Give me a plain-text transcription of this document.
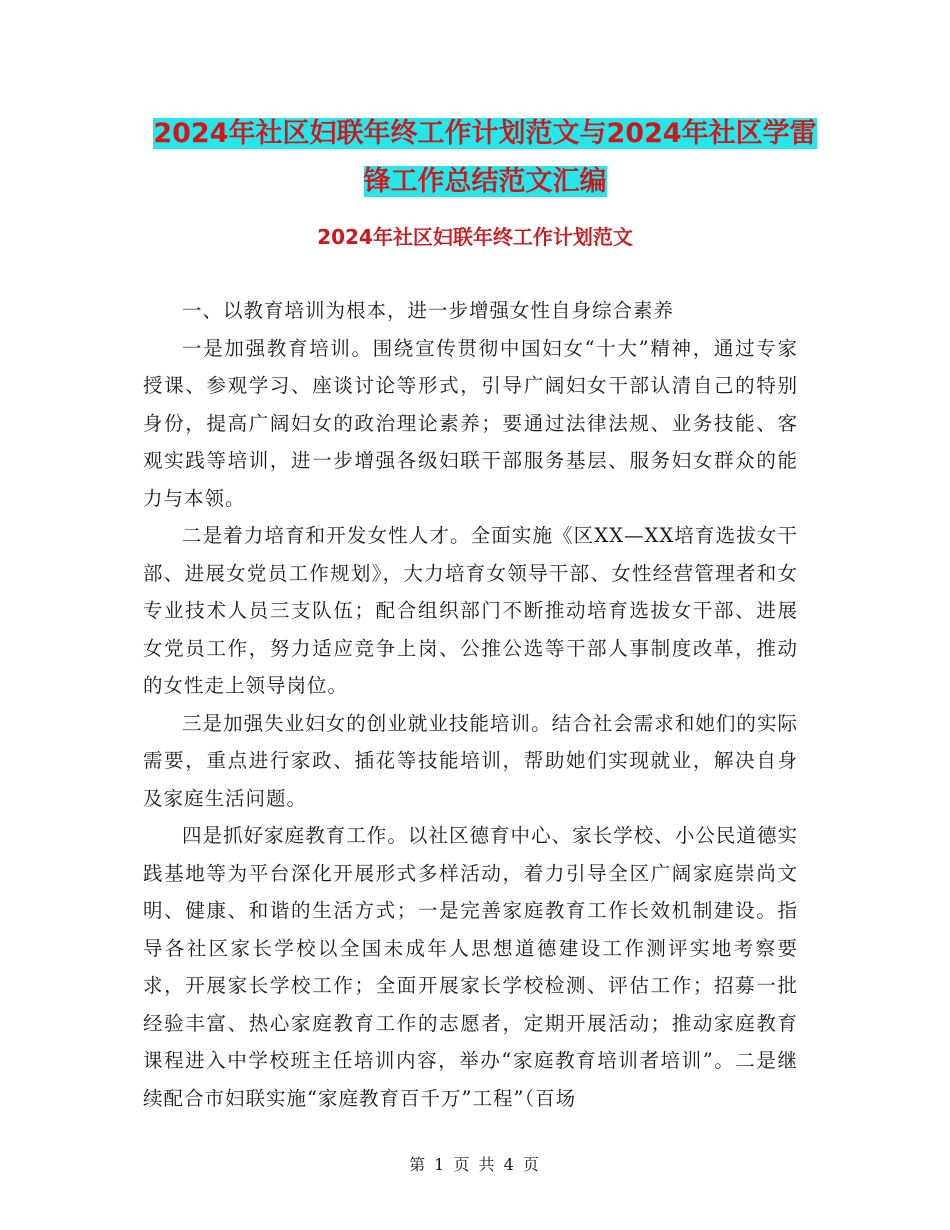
2024年社区妇联年终工作计划范文与2024年社区学雷
锋工作总结范文汇编
2024年社区妇联年终工作计划范文

一、以教育培训为根本，进一步增强女性自身综合素养

一是加强教育培训。围绕宣传贯彻中国妇女“十大”精神，通过专家授课、参观学习、座谈讨论等形式，引导广阔妇女干部认清自己的特别身份，提高广阔妇女的政治理论素养；要通过法律法规、业务技能、客观实践等培训，进一步增强各级妇联干部服务基层、服务妇女群众的能力与本领。

二是着力培育和开发女性人才。全面实施《区XX—XX培育选拔女干部、进展女党员工作规划》，大力培育女领导干部、女性经营管理者和女专业技术人员三支队伍；配合组织部门不断推动培育选拔女干部、进展女党员工作，努力适应竞争上岗、公推公选等干部人事制度改革，推动的女性走上领导岗位。

三是加强失业妇女的创业就业技能培训。结合社会需求和她们的实际需要，重点进行家政、插花等技能培训，帮助她们实现就业，解决自身及家庭生活问题。

四是抓好家庭教育工作。以社区德育中心、家长学校、小公民道德实践基地等为平台深化开展形式多样活动，着力引导全区广阔家庭崇尚文明、健康、和谐的生活方式；一是完善家庭教育工作长效机制建设。指导各社区家长学校以全国未成年人思想道德建设工作测评实地考察要求，开展家长学校工作；全面开展家长学校检测、评估工作；招募一批经验丰富、热心家庭教育工作的志愿者，定期开展活动；推动家庭教育课程进入中学校班主任培训内容，举办“家庭教育培训者培训”。二是继续配合市妇联实施“家庭教育百千万”工程”（百场

第 1 页 共 4 页
